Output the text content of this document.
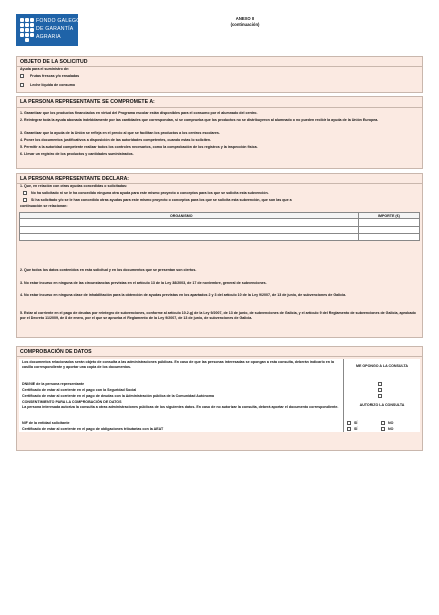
FONDO GALEGO
DE GARANTÍA
AGRARIA
ANEXO II
(continuación)
OBJETO DE LA SOLICITUD
Ayuda para el suministro de:
Frutas frescas y/o ensaladas
Leche líquida de consumo
LA PERSONA REPRESENTANTE SE COMPROMETE A:
1. Garantizar que los productos financiados en virtud del Programa escolar están disponibles para el consumo por el alumnado del centro.
2. Reintegrar toda la ayuda abonada indebidamente por las cantidades que correspondan, si se comprueba que los productos no se distribuyeron al alumnado o no pueden recibir la ayuda de la Unión Europea.
3. Garantizar que la ayuda de la Unión se refleja en el precio al que se facilitan los productos a los centros escolares.
4. Poner los documentos justificativos a disposición de las autoridades competentes, cuando estas lo soliciten.
5. Permitir a la autoridad competente realizar todos los controles necesarios, como la comprobación de los registros y la inspección física.
6. Llevar un registro de los productos y cantidades suministrados.
LA PERSONA REPRESENTANTE DECLARA:
1. Que, en relación con otras ayudas concedidas o solicitadas:
No ha solicitado ni se le ha concedido ninguna otra ayuda para este mismo proyecto o conceptos para los que se solicita esta subvención.
Sí ha solicitado y/o se le han concedido otras ayudas para este mismo proyecto o conceptos para los que se solicita esta subvención, que son las que a
continuación se relacionan:
ORGANISMO	IMPORTE (€)
2. Que todos los datos contenidos en esta solicitud y en los documentos que se presentan son ciertos.
3. No estar incurso en ninguna de las circunstancias previstas en el artículo 13 de la Ley 38/2003, de 17 de noviembre, general de subvenciones.
4. No estar incurso en ninguna clase de inhabilitación para la obtención de ayudas previstas en los apartados 2 y 3 del artículo 10 de la Ley 9/2007, de 13 de junio, de subvenciones de Galicia.
5. Estar al corriente en el pago de deudas por reintegro de subvenciones, conforme al artículo 10.2.g) de la Ley 9/2007, de 13 de junio, de subvenciones de Galicia, y el artículo 9 del Reglamento de subvenciones de Galicia, aprobado por el Decreto 11/2009, de 8 de enero, por el que se aprueba el Reglamento de la Ley 9/2007, de 13 de junio, de subvenciones de Galicia.
COMPROBACIÓN DE DATOS
Los documentos relacionados serán objeto de consulta a las administraciones públicas. En caso de que las personas interesadas se opongan a esta consulta, deberán indicarlo en la casilla correspondiente y aportar una copia de los documentos.	ME OPONGO A LA CONSULTA
DNI/NIE de la persona representante
Certificado de estar al corriente en el pago con la Seguridad Social
Certificado de estar al corriente en el pago de deudas con la Administración pública de la Comunidad Autónoma
CONSENTIMIENTO PARA LA COMPROBACIÓN DE DATOS
La persona interesada autoriza la consulta a otras administraciones públicas de los siguientes datos. En caso de no autorizar la consulta, deberá aportar el documento correspondiente.	AUTORIZO LA CONSULTA
NIF de la entidad solicitante	SÍ	NO
Certificado de estar al corriente en el pago de obligaciones tributarias con la AEAT	SÍ	NO
